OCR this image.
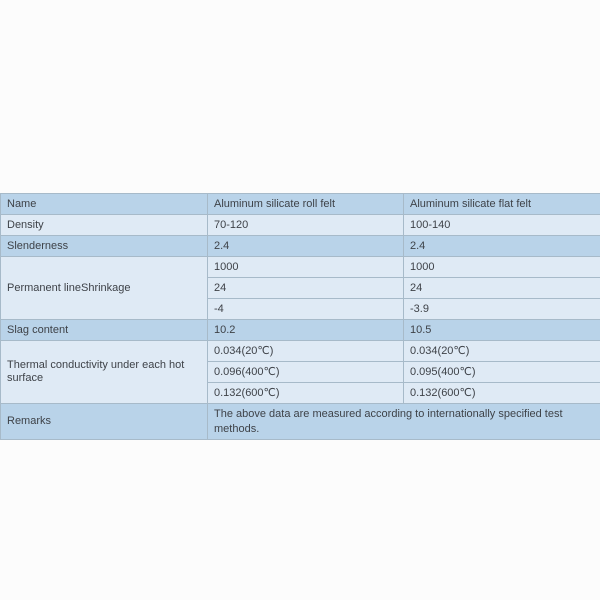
Name	Aluminum silicate roll felt	Aluminum silicate flat felt
Density	70-120	100-140
Slenderness	2.4	2.4
Permanent lineShrinkage	1000	1000
	24	24
	-4	-3.9
Slag content	10.2	10.5
Thermal conductivity under each hot surface	0.034(20℃)	0.034(20℃)
	0.096(400℃)	0.095(400℃)
	0.132(600℃)	0.132(600℃)
Remarks	The above data are measured according to internationally specified test methods.	
